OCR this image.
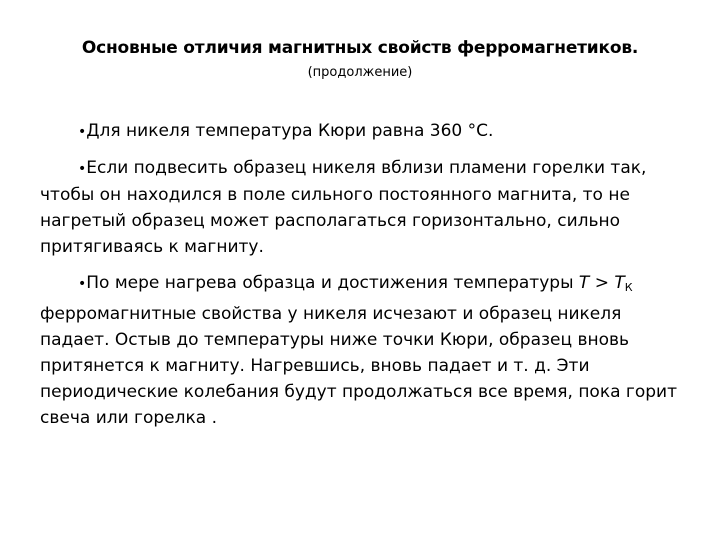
Основные отличия магнитных свойств ферромагнетиков.
(продолжение)

•Для никеля температура Кюри равна 360 °С.

•Если подвесить образец никеля вблизи пламени горелки так, чтобы он находился в поле сильного постоянного магнита, то не нагретый образец может располагаться горизонтально, сильно притягиваясь к магниту.

•По мере нагрева образца и достижения температуры $T > T_К$ ферромагнитные свойства у никеля исчезают и образец никеля падает. Остыв до температуры ниже точки Кюри, образец вновь притянется к магниту. Нагревшись, вновь падает и т. д. Эти периодические колебания будут продолжаться все время, пока горит свеча или горелка .
